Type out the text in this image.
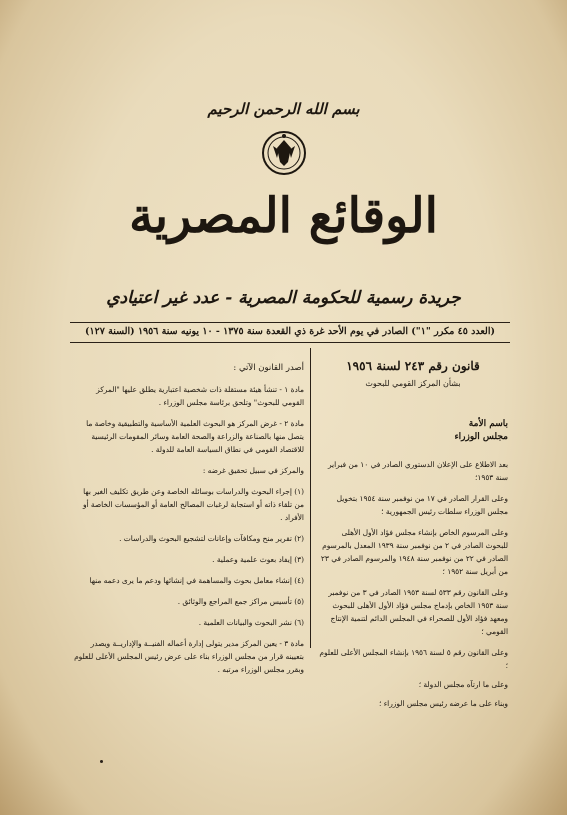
بسم الله الرحمن الرحيم
الوقائع المصرية
جريدة رسمية للحكومة المصرية - عدد غير اعتيادي
(العدد ٤٥ مكرر "١") الصادر في يوم الأحد غرة ذي القعدة سنة ١٣٧٥ - ١٠ يونيه سنة ١٩٥٦ (السنة ١٢٧)

قانون رقم ٢٤٣ لسنة ١٩٥٦

بشأن المركز القومي للبحوث

باسم الأمة

مجلس الوزراء

بعد الاطلاع على الإعلان الدستوري الصادر في ١٠ من فبراير سنة ١٩٥٣؛

وعلى القرار الصادر في ١٧ من نوفمبر سنة ١٩٥٤ بتخويل مجلس الوزراء سلطات رئيس الجمهورية ؛

وعلى المرسوم الخاص بإنشاء مجلس فؤاد الأول الأهلى للبحوث الصادر في ٢ من نوفمبر سنة ١٩٣٩ المعدل بالمرسوم الصادر في ٢٢ من نوفمبر سنة ١٩٤٨ والمرسوم الصادر في ٢٣ من أبريل سنة ١٩٥٢ ؛

وعلى القانون رقم ٥٣٣ لسنة ١٩٥٣ الصادر في ٣ من نوفمبر سنة ١٩٥٣ الخاص بإدماج مجلس فؤاد الأول الأهلى للبحوث ومعهد فؤاد الأول للصحراء في المجلس الدائم لتنمية الإنتاج القومي ؛

وعلى القانون رقم ٥ لسنة ١٩٥٦ بإنشاء المجلس الأعلى للعلوم ؛

وعلى ما ارتآه مجلس الدولة ؛

وبناء على ما عرضه رئيس مجلس الوزراء ؛

أصدر القانون الآتي :

مادة ١ - تنشأ هيئة مستقلة ذات شخصية اعتبارية يطلق عليها "المركز القومي للبحوث" وتلحق برئاسة مجلس الوزراء .

مادة ٢ - غرض المركز هو البحوث العلمية الأساسية والتطبيقية وخاصة ما يتصل منها بالصناعة والزراعة والصحة العامة وسائر المقومات الرئيسية للاقتصاد القومي في نطاق السياسة العامة للدولة .

والمركز في سبيل تحقيق غرضه :

(١) إجراء البحوث والدراسات بوسائله الخاصة وعن طريق تكليف الغير بها من تلقاء ذاته أو استجابة لرغبات المصالح العامة أو المؤسسات الخاصة أو الأفراد .

(٢) تقرير منح ومكافآت وإعانات لتشجيع البحوث والدراسات .

(٣) إيفاد بعوث علمية وعملية .

(٤) إنشاء معامل بحوث والمساهمة في إنشائها ودعم ما يرى دعمه منها

(٥) تأسيس مراكز جمع المراجع والوثائق .

(٦) نشر البحوث والبيانات العلمية .

مادة ٣ - يعين المركز مدير يتولى إدارة أعماله الفنيــة والإداريــة ويصدر بتعيينه قرار من مجلس الوزراء بناء على عرض رئيس المجلس الأعلى للعلوم وبقرر مجلس الوزراء مرتبه .
